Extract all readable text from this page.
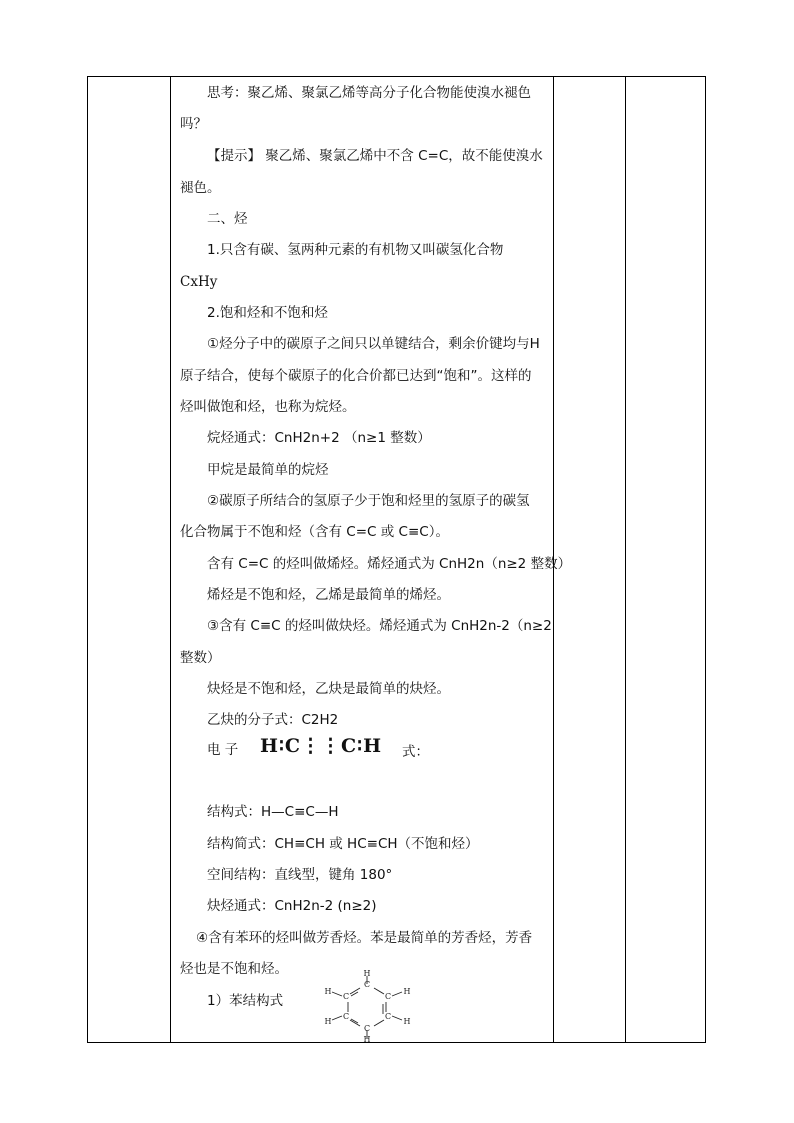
思考：聚乙烯、聚氯乙烯等高分子化合物能使溴水褪色
吗？
【提示】 聚乙烯、聚氯乙烯中不含 C=C，故不能使溴水
褪色。
二、烃
1.只含有碳、氢两种元素的有机物又叫碳氢化合物
CxHy
2.饱和烃和不饱和烃
①烃分子中的碳原子之间只以单键结合，剩余价键均与H
原子结合，使每个碳原子的化合价都已达到“饱和”。这样的
烃叫做饱和烃，也称为烷烃。
烷烃通式：CnH2n+2 （n≥1 整数）
甲烷是最简单的烷烃
②碳原子所结合的氢原子少于饱和烃里的氢原子的碳氢
化合物属于不饱和烃（含有 C=C 或 C≡C）。
含有 C=C 的烃叫做烯烃。烯烃通式为 CnH2n（n≥2 整数）
烯烃是不饱和烃，乙烯是最简单的烯烃。
③含有 C≡C 的烃叫做炔烃。烯烃通式为 CnH2n-2（n≥2
整数）
炔烃是不饱和烃，乙炔是最简单的炔烃。
乙炔的分子式：C2H2
电 子 H∶C⋮⋮C∶H 式：
结构式：H—C≡C—H
结构简式：CH≡CH 或 HC≡CH（不饱和烃）
空间结构：直线型，键角 180°
炔烃通式：CnH2n-2 (n≥2)
④含有苯环的烃叫做芳香烃。苯是最简单的芳香烃，芳香
烃也是不饱和烃。
1）苯结构式
C
C
C
C
C
C
H
H
H
H
H
H
